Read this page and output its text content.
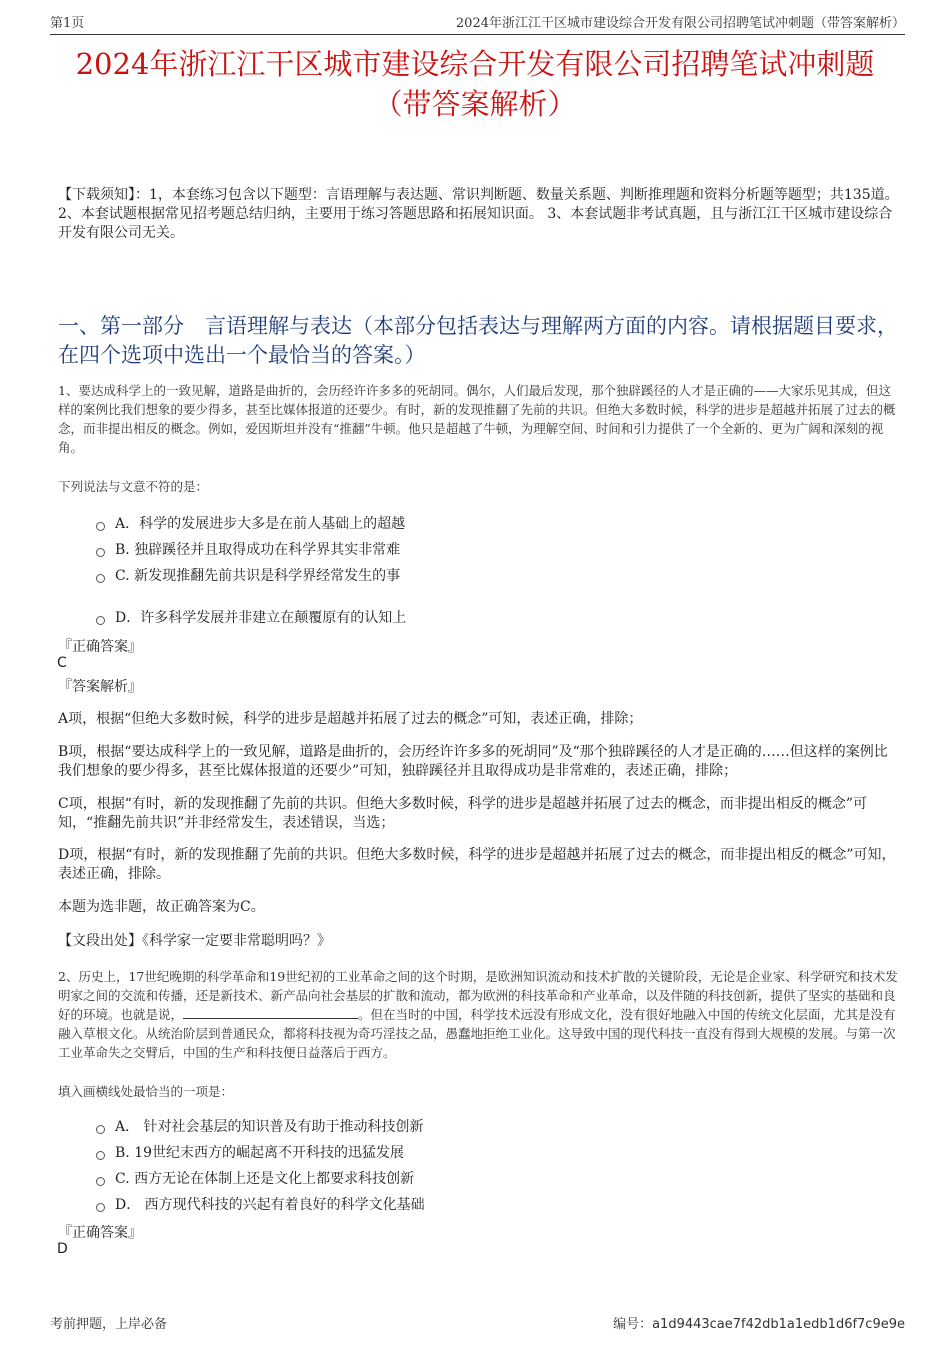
第1页	2024年浙江江干区城市建设综合开发有限公司招聘笔试冲刺题（带答案解析）
2024年浙江江干区城市建设综合开发有限公司招聘笔试冲刺题
（带答案解析）
【下载须知】：1，本套练习包含以下题型：言语理解与表达题、常识判断题、数量关系题、判断推理题和资料分析题等题型；共135道。 2、本套试题根据常见招考题总结归纳，主要用于练习答题思路和拓展知识面。 3、本套试题非考试真题，且与浙江江干区城市建设综合开发有限公司无关。
一、第一部分　言语理解与表达（本部分包括表达与理解两方面的内容。请根据题目要求，在四个选项中选出一个最恰当的答案。）
1、要达成科学上的一致见解，道路是曲折的，会历经许许多多的死胡同。偶尔，人们最后发现，那个独辟蹊径的人才是正确的——大家乐见其成，但这样的案例比我们想象的要少得多，甚至比媒体报道的还要少。有时，新的发现推翻了先前的共识。但绝大多数时候，科学的进步是超越并拓展了过去的概念，而非提出相反的概念。例如，爱因斯坦并没有“推翻”牛顿。他只是超越了牛顿，为理解空间、时间和引力提供了一个全新的、更为广阔和深刻的视角。
下列说法与文意不符的是：
A．科学的发展进步大多是在前人基础上的超越
B. 独辟蹊径并且取得成功在科学界其实非常难
C. 新发现推翻先前共识是科学界经常发生的事
D．许多科学发展并非建立在颠覆原有的认知上
『正确答案』
C
『答案解析』
A项，根据“但绝大多数时候，科学的进步是超越并拓展了过去的概念”可知，表述正确，排除；
B项，根据“要达成科学上的一致见解，道路是曲折的，会历经许许多多的死胡同”及“那个独辟蹊径的人才是正确的……但这样的案例比我们想象的要少得多，甚至比媒体报道的还要少”可知，独辟蹊径并且取得成功是非常难的，表述正确，排除；
C项，根据“有时，新的发现推翻了先前的共识。但绝大多数时候，科学的进步是超越并拓展了过去的概念，而非提出相反的概念”可知，“推翻先前共识”并非经常发生，表述错误，当选；
D项，根据“有时，新的发现推翻了先前的共识。但绝大多数时候，科学的进步是超越并拓展了过去的概念，而非提出相反的概念”可知，表述正确，排除。
本题为选非题，故正确答案为C。
【文段出处】《科学家一定要非常聪明吗？》
2、历史上，17世纪晚期的科学革命和19世纪初的工业革命之间的这个时期，是欧洲知识流动和技术扩散的关键阶段，无论是企业家、科学研究和技术发明家之间的交流和传播，还是新技术、新产品向社会基层的扩散和流动，都为欧洲的科技革命和产业革命，以及伴随的科技创新，提供了坚实的基础和良好的环境。也就是说，	。但在当时的中国，科学技术远没有形成文化，没有很好地融入中国的传统文化层面，尤其是没有融入草根文化。从统治阶层到普通民众，都将科技视为奇巧淫技之品，愚蠢地拒绝工业化。这导致中国的现代科技一直没有得到大规模的发展。与第一次工业革命失之交臂后，中国的生产和科技便日益落后于西方。
填入画横线处最恰当的一项是：
A． 针对社会基层的知识普及有助于推动科技创新
B. 19世纪末西方的崛起离不开科技的迅猛发展
C. 西方无论在体制上还是文化上都要求科技创新
D． 西方现代科技的兴起有着良好的科学文化基础
『正确答案』
D
考前押题，上岸必备	编号：a1d9443cae7f42db1a1edb1d6f7c9e9e
